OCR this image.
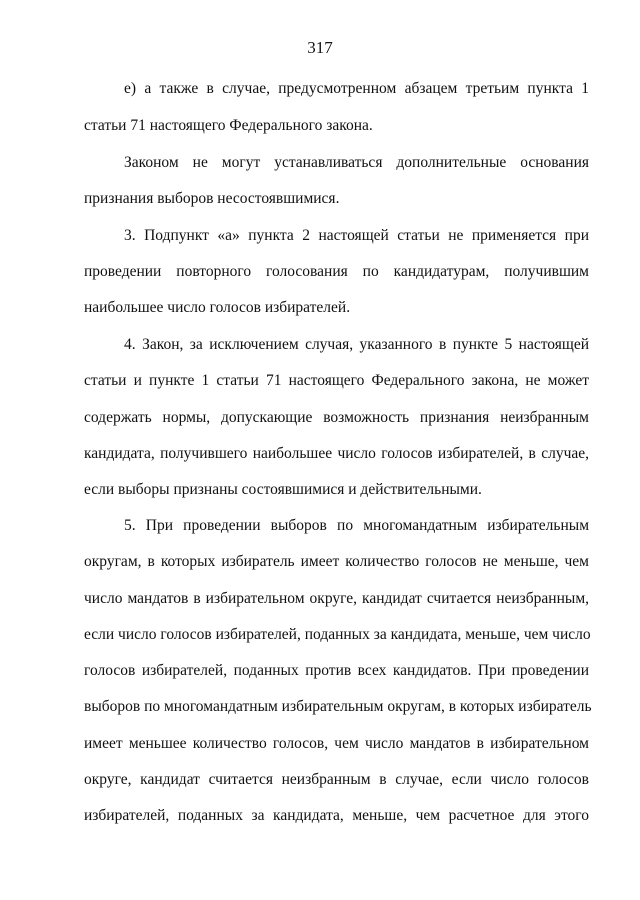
317
е) а также в случае, предусмотренном абзацем третьим пункта 1
статьи 71 настоящего Федерального закона.
Законом не могут устанавливаться дополнительные основания
признания выборов несостоявшимися.
3. Подпункт «а» пункта 2 настоящей статьи не применяется при
проведении повторного голосования по кандидатурам, получившим
наибольшее число голосов избирателей.
4. Закон, за исключением случая, указанного в пункте 5 настоящей
статьи и пункте 1 статьи 71 настоящего Федерального закона, не может
содержать нормы, допускающие возможность признания неизбранным
кандидата, получившего наибольшее число голосов избирателей, в случае,
если выборы признаны состоявшимися и действительными.
5. При проведении выборов по многомандатным избирательным
округам, в которых избиратель имеет количество голосов не меньше, чем
число мандатов в избирательном округе, кандидат считается неизбранным,
если число голосов избирателей, поданных за кандидата, меньше, чем число
голосов избирателей, поданных против всех кандидатов. При проведении
выборов по многомандатным избирательным округам, в которых избиратель
имеет меньшее количество голосов, чем число мандатов в избирательном
округе, кандидат считается неизбранным в случае, если число голосов
избирателей, поданных за кандидата, меньше, чем расчетное для этого
